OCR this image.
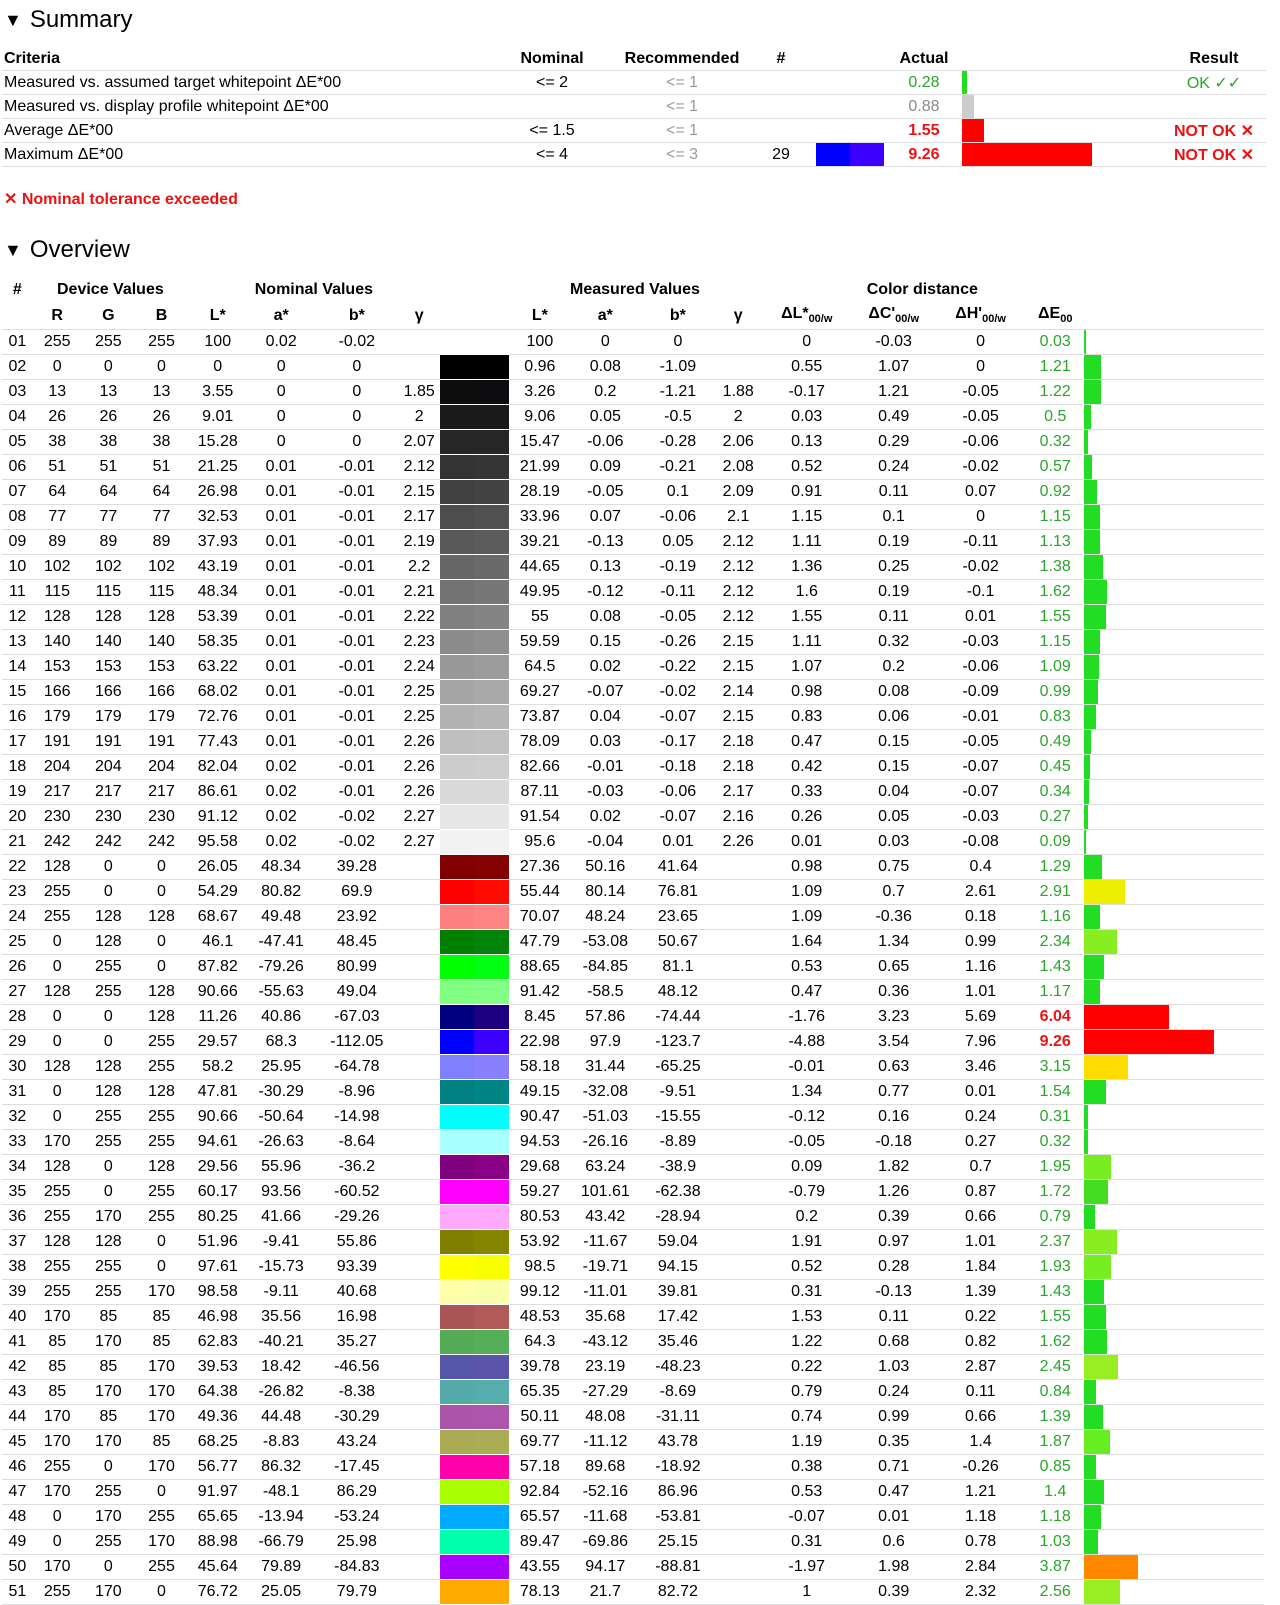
▼ Summary
Criteria	Nominal	Recommended	#		Actual		Result
Measured vs. assumed target whitepoint ΔE*00	<= 2	<= 1			0.28		OK ✓✓
Measured vs. display profile whitepoint ΔE*00		<= 1			0.88	

Average ΔE*00	<= 1.5	<= 1			1.55		NOT OK ✕
Maximum ΔE*00	<= 4	<= 3	29		9.26		NOT OK ✕
✕ Nominal tolerance exceeded
▼ Overview
#	Device Values			Nominal Values					Measured Values				Color distance				
	R	G	B	L*	a*	b*	γ		L*	a*	b*	γ	$\Delta L*_{00/w}$	$\Delta C'_{00/w}$	$\Delta H'_{00/w}$	$\Delta E_{00}$	
01	255	255	255	100	0.02	-0.02			100	0	0		0	-0.03	0	0.03	

02	0	0	0	0	0	0			0.96	0.08	-1.09		0.55	1.07	0	1.21	

03	13	13	13	3.55	0	0	1.85		3.26	0.2	-1.21	1.88	-0.17	1.21	-0.05	1.22	

04	26	26	26	9.01	0	0	2		9.06	0.05	-0.5	2	0.03	0.49	-0.05	0.5	

05	38	38	38	15.28	0	0	2.07		15.47	-0.06	-0.28	2.06	0.13	0.29	-0.06	0.32	

06	51	51	51	21.25	0.01	-0.01	2.12		21.99	0.09	-0.21	2.08	0.52	0.24	-0.02	0.57	

07	64	64	64	26.98	0.01	-0.01	2.15		28.19	-0.05	0.1	2.09	0.91	0.11	0.07	0.92	

08	77	77	77	32.53	0.01	-0.01	2.17		33.96	0.07	-0.06	2.1	1.15	0.1	0	1.15	

09	89	89	89	37.93	0.01	-0.01	2.19		39.21	-0.13	0.05	2.12	1.11	0.19	-0.11	1.13	

10	102	102	102	43.19	0.01	-0.01	2.2		44.65	0.13	-0.19	2.12	1.36	0.25	-0.02	1.38	

11	115	115	115	48.34	0.01	-0.01	2.21		49.95	-0.12	-0.11	2.12	1.6	0.19	-0.1	1.62	

12	128	128	128	53.39	0.01	-0.01	2.22		55	0.08	-0.05	2.12	1.55	0.11	0.01	1.55	

13	140	140	140	58.35	0.01	-0.01	2.23		59.59	0.15	-0.26	2.15	1.11	0.32	-0.03	1.15	

14	153	153	153	63.22	0.01	-0.01	2.24		64.5	0.02	-0.22	2.15	1.07	0.2	-0.06	1.09	

15	166	166	166	68.02	0.01	-0.01	2.25		69.27	-0.07	-0.02	2.14	0.98	0.08	-0.09	0.99	

16	179	179	179	72.76	0.01	-0.01	2.25		73.87	0.04	-0.07	2.15	0.83	0.06	-0.01	0.83	

17	191	191	191	77.43	0.01	-0.01	2.26		78.09	0.03	-0.17	2.18	0.47	0.15	-0.05	0.49	

18	204	204	204	82.04	0.02	-0.01	2.26		82.66	-0.01	-0.18	2.18	0.42	0.15	-0.07	0.45	

19	217	217	217	86.61	0.02	-0.01	2.26		87.11	-0.03	-0.06	2.17	0.33	0.04	-0.07	0.34	

20	230	230	230	91.12	0.02	-0.02	2.27		91.54	0.02	-0.07	2.16	0.26	0.05	-0.03	0.27	

21	242	242	242	95.58	0.02	-0.02	2.27		95.6	-0.04	0.01	2.26	0.01	0.03	-0.08	0.09	

22	128	0	0	26.05	48.34	39.28			27.36	50.16	41.64		0.98	0.75	0.4	1.29	

23	255	0	0	54.29	80.82	69.9			55.44	80.14	76.81		1.09	0.7	2.61	2.91	

24	255	128	128	68.67	49.48	23.92			70.07	48.24	23.65		1.09	-0.36	0.18	1.16	

25	0	128	0	46.1	-47.41	48.45			47.79	-53.08	50.67		1.64	1.34	0.99	2.34	

26	0	255	0	87.82	-79.26	80.99			88.65	-84.85	81.1		0.53	0.65	1.16	1.43	

27	128	255	128	90.66	-55.63	49.04			91.42	-58.5	48.12		0.47	0.36	1.01	1.17	

28	0	0	128	11.26	40.86	-67.03			8.45	57.86	-74.44		-1.76	3.23	5.69	6.04	

29	0	0	255	29.57	68.3	-112.05			22.98	97.9	-123.7		-4.88	3.54	7.96	9.26	

30	128	128	255	58.2	25.95	-64.78			58.18	31.44	-65.25		-0.01	0.63	3.46	3.15	

31	0	128	128	47.81	-30.29	-8.96			49.15	-32.08	-9.51		1.34	0.77	0.01	1.54	

32	0	255	255	90.66	-50.64	-14.98			90.47	-51.03	-15.55		-0.12	0.16	0.24	0.31	

33	170	255	255	94.61	-26.63	-8.64			94.53	-26.16	-8.89		-0.05	-0.18	0.27	0.32	

34	128	0	128	29.56	55.96	-36.2			29.68	63.24	-38.9		0.09	1.82	0.7	1.95	

35	255	0	255	60.17	93.56	-60.52			59.27	101.61	-62.38		-0.79	1.26	0.87	1.72	

36	255	170	255	80.25	41.66	-29.26			80.53	43.42	-28.94		0.2	0.39	0.66	0.79	

37	128	128	0	51.96	-9.41	55.86			53.92	-11.67	59.04		1.91	0.97	1.01	2.37	

38	255	255	0	97.61	-15.73	93.39			98.5	-19.71	94.15		0.52	0.28	1.84	1.93	

39	255	255	170	98.58	-9.11	40.68			99.12	-11.01	39.81		0.31	-0.13	1.39	1.43	

40	170	85	85	46.98	35.56	16.98			48.53	35.68	17.42		1.53	0.11	0.22	1.55	

41	85	170	85	62.83	-40.21	35.27			64.3	-43.12	35.46		1.22	0.68	0.82	1.62	

42	85	85	170	39.53	18.42	-46.56			39.78	23.19	-48.23		0.22	1.03	2.87	2.45	

43	85	170	170	64.38	-26.82	-8.38			65.35	-27.29	-8.69		0.79	0.24	0.11	0.84	

44	170	85	170	49.36	44.48	-30.29			50.11	48.08	-31.11		0.74	0.99	0.66	1.39	

45	170	170	85	68.25	-8.83	43.24			69.77	-11.12	43.78		1.19	0.35	1.4	1.87	

46	255	0	170	56.77	86.32	-17.45			57.18	89.68	-18.92		0.38	0.71	-0.26	0.85	

47	170	255	0	91.97	-48.1	86.29			92.84	-52.16	86.96		0.53	0.47	1.21	1.4	

48	0	170	255	65.65	-13.94	-53.24			65.57	-11.68	-53.81		-0.07	0.01	1.18	1.18	

49	0	255	170	88.98	-66.79	25.98			89.47	-69.86	25.15		0.31	0.6	0.78	1.03	

50	170	0	255	45.64	79.89	-84.83			43.55	94.17	-88.81		-1.97	1.98	2.84	3.87	

51	255	170	0	76.72	25.05	79.79			78.13	21.7	82.72		1	0.39	2.32	2.56	
